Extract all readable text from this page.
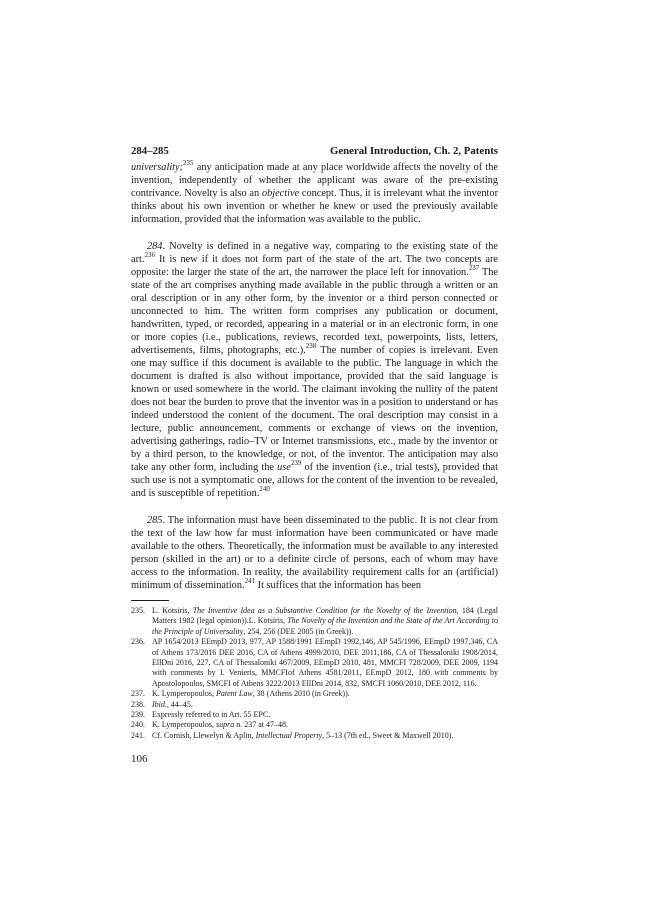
284–285	General Introduction, Ch. 2, Patents

universality;$^{235}$ any anticipation made at any place worldwide affects the novelty of the invention, independently of whether the applicant was aware of the pre-existing contrivance. Novelty is also an objective concept. Thus, it is irrelevant what the inventor thinks about his own invention or whether he knew or used the previously available information, provided that the information was available to the public.

284. Novelty is defined in a negative way, comparing to the existing state of the art.$^{236}$ It is new if it does not form part of the state of the art. The two concepts are opposite: the larger the state of the art, the narrower the place left for innovation.$^{237}$ The state of the art comprises anything made available in the public through a written or an oral description or in any other form, by the inventor or a third person connected or unconnected to him. The written form comprises any publication or document, handwritten, typed, or recorded, appearing in a material or in an electronic form, in one or more copies (i.e., publications, reviews, recorded text, powerpoints, lists, letters, advertisements, films, photographs, etc.).$^{238}$ The number of copies is irrelevant. Even one may suffice if this document is available to the public. The language in which the document is drafted is also without importance, provided that the said language is known or used somewhere in the world. The claimant invoking the nullity of the patent does not bear the burden to prove that the inventor was in a position to understand or has indeed understood the content of the document. The oral description may consist in a lecture, public announcement, comments or exchange of views on the invention, advertising gatherings, radio–TV or Internet transmissions, etc., made by the inventor or by a third person, to the knowledge, or not, of the inventor. The anticipation may also take any other form, including the use$^{239}$ of the invention (i.e., trial tests), provided that such use is not a symptomatic one, allows for the content of the invention to be revealed, and is susceptible of repetition.$^{240}$

285. The information must have been disseminated to the public. It is not clear from the text of the law how far must information have been communicated or have made available to the others. Theoretically, the information must be available to any interested person (skilled in the art) or to a definite circle of persons, each of whom may have access to the information. In reality, the availability requirement calls for an (artificial) minimum of dissemination.$^{241}$ It suffices that the information has been

235. L. Kotsiris, The Inventive Idea as a Substantive Condition for the Novelty of the Invention, 184 (Legal Matters 1982 (legal opinion)).L. Kotsiris, The Novelty of the Invention and the State of the Art According to the Principle of Universality, 254, 256 (DEE 2005 (in Greek)).
236. AP 1654/2013 EEmpD 2013, 977, AP 1588/1991 EEmpD 1992,146, AP 545/1996, EEmpD 1997,346, CA of Athens 173/2016 DEE 2016, CA of Athens 4999/2010, DEE 2011,186, CA of Thessaloniki 1908/2014, EllDni 2016, 227, CA of Thessaloniki 467/2009, EEmpD 2010, 481, MMCFI 728/2009, DEE 2009, 1194 with comments by I. Venieris, MMCFIof Athens 4581/2011, EEmpD 2012, 180 with comments by Apostolopoulos, SMCFI of Athens 3222/2013 EllDni 2014, 832, SMCFI 1060/2010, DEE 2012, 116.
237. K. Lymperopoulos, Patent Law, 38 (Athens 2010 (in Greek)).
238. Ibid., 44–45.
239. Expressly referred to in Art. 55 EPC.
240. K. Lymperopoulos, supra n. 237 at 47–48.
241. Cf. Cornish, Llewelyn & Aplin, Intellectual Property, 5–13 (7th ed., Sweet & Maxwell 2010).
106
